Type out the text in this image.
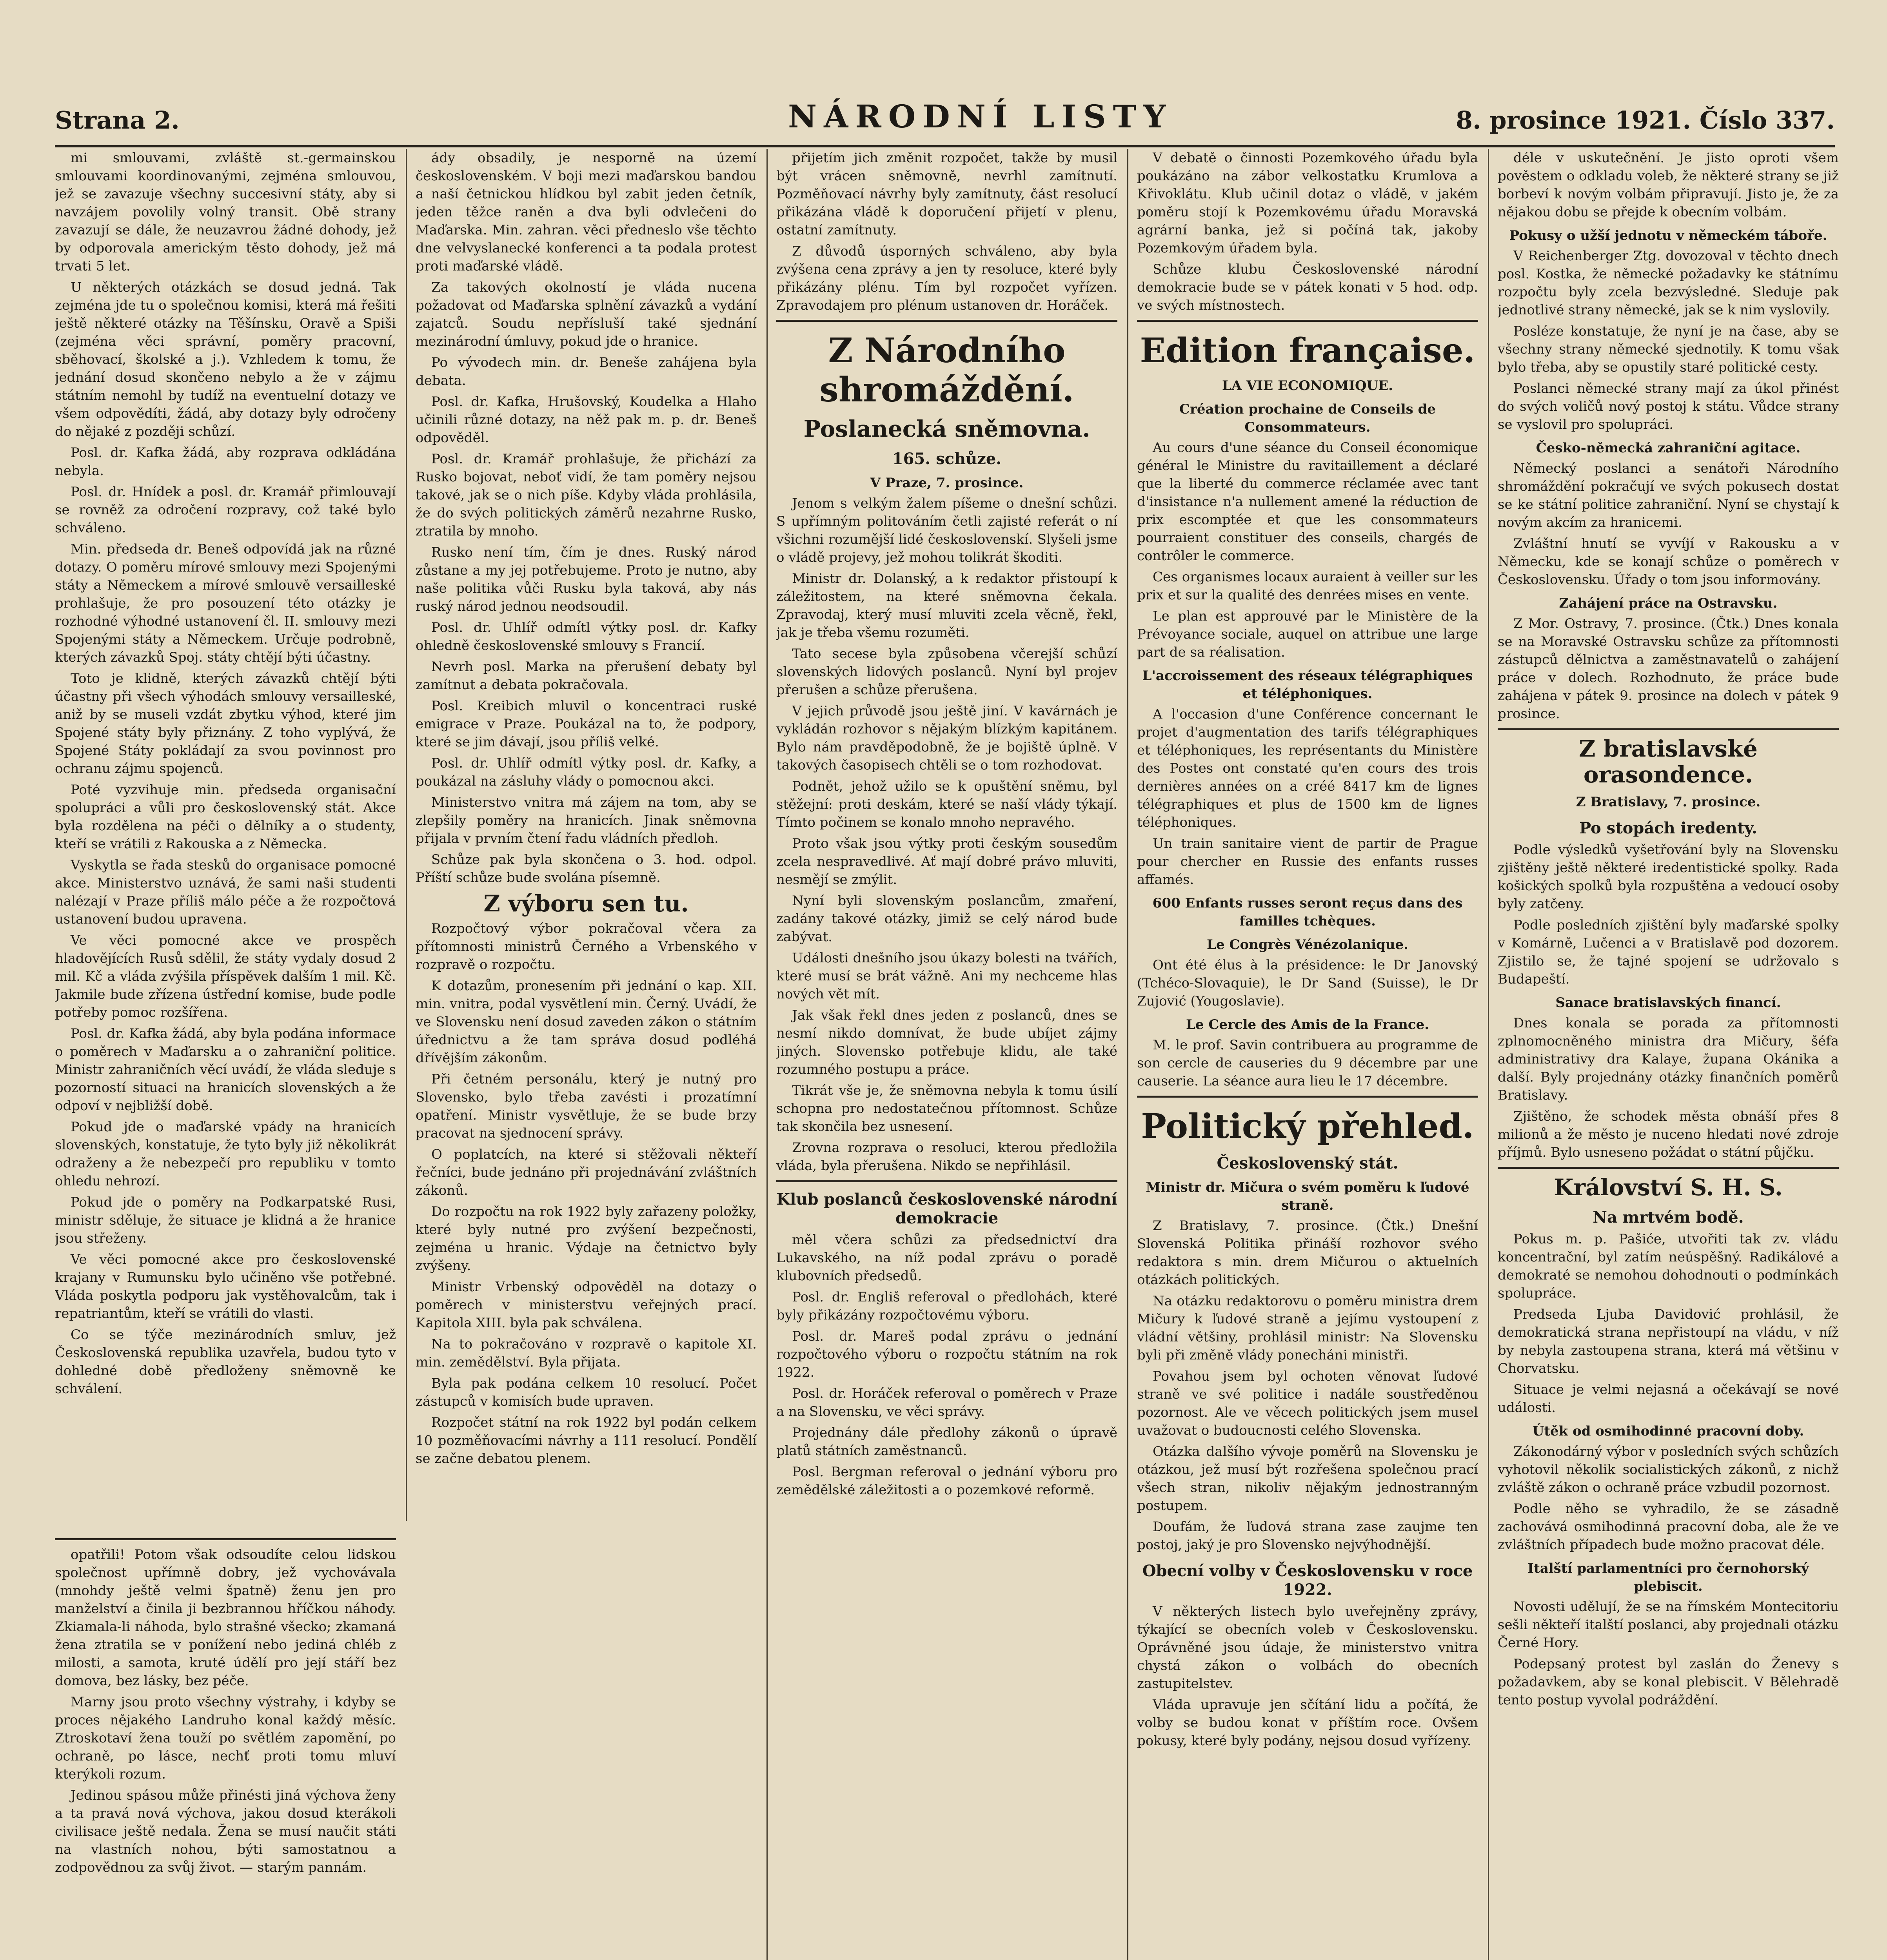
Strana 2.	NÁRODNÍ LISTY	8. prosince 1921. Číslo 337.

mi smlouvami, zvláště st.-germainskou smlouvami koordinovanými, zejména smlouvou, jež se zavazuje všechny succesivní státy, aby si navzájem povolily volný transit. Obě strany zavazují se dále, že neuzavrou žádné dohody, jež by odporovala americkým těsto dohody, jež má trvati 5 let.

U některých otázkách se dosud jedná. Tak zejména jde tu o společnou komisi, která má řešiti ještě některé otázky na Těšínsku, Oravě a Spiši (zejména věci správní, poměry pracovní, sběhovací, školské a j.). Vzhledem k tomu, že jednání dosud skončeno nebylo a že v zájmu státním nemohl by tudíž na eventuelní dotazy ve všem odpovědíti, žádá, aby dotazy byly odročeny do nějaké z později schůzí.

Posl. dr. Kafka žádá, aby rozprava odkládána nebyla.

Posl. dr. Hnídek a posl. dr. Kramář přimlouvají se rovněž za odročení rozpravy, což také bylo schváleno.

Min. předseda dr. Beneš odpovídá jak na různé dotazy. O poměru mírové smlouvy mezi Spojenými státy a Německem a mírové smlouvě versailleské prohlašuje, že pro posouzení této otázky je rozhodné výhodné ustanovení čl. II. smlouvy mezi Spojenými státy a Německem. Určuje podrobně, kterých závazků Spoj. státy chtějí býti účastny.

Toto je klidně, kterých závazků chtějí býti účastny při všech výhodách smlouvy versailleské, aniž by se museli vzdát zbytku výhod, které jim Spojené státy byly přiznány. Z toho vyplývá, že Spojené Státy pokládají za svou povinnost pro ochranu zájmu spojenců.

Poté vyzvihuje min. předseda organisační spolupráci a vůli pro československý stát. Akce byla rozdělena na péči o dělníky a o studenty, kteří se vrátili z Rakouska a z Německa.

Vyskytla se řada stesků do organisace pomocné akce. Ministerstvo uznává, že sami naši studenti nalézají v Praze příliš málo péče a že rozpočtová ustanovení budou upravena.

Ve věci pomocné akce ve prospěch hladovějících Rusů sdělil, že státy vydaly dosud 2 mil. Kč a vláda zvýšila příspěvek dalším 1 mil. Kč. Jakmile bude zřízena ústřední komise, bude podle potřeby pomoc rozšířena.

Posl. dr. Kafka žádá, aby byla podána informace o poměrech v Maďarsku a o zahraniční politice. Ministr zahraničních věcí uvádí, že vláda sleduje s pozorností situaci na hranicích slovenských a že odpoví v nejbližší době.

Pokud jde o maďarské vpády na hranicích slovenských, konstatuje, že tyto byly již několikrát odraženy a že nebezpečí pro republiku v tomto ohledu nehrozí.

Pokud jde o poměry na Podkarpatské Rusi, ministr sděluje, že situace je klidná a že hranice jsou střeženy.

Ve věci pomocné akce pro československé krajany v Rumunsku bylo učiněno vše potřebné. Vláda poskytla podporu jak vystěhovalcům, tak i repatriantům, kteří se vrátili do vlasti.

Co se týče mezinárodních smluv, jež Československá republika uzavřela, budou tyto v dohledné době předloženy sněmovně ke schválení.

ády obsadily, je nesporně na území československém. V boji mezi maďarskou bandou a naší četnickou hlídkou byl zabit jeden četník, jeden těžce raněn a dva byli odvlečeni do Maďarska. Min. zahran. věci předneslo vše těchto dne velvyslanecké konferenci a ta podala protest proti maďarské vládě.

Za takových okolností je vláda nucena požadovat od Maďarska splnění závazků a vydání zajatců. Soudu nepřísluší také sjednání mezinárodní úmluvy, pokud jde o hranice.

Po vývodech min. dr. Beneše zahájena byla debata.

Posl. dr. Kafka, Hrušovský, Koudelka a Hlaho učinili různé dotazy, na něž pak m. p. dr. Beneš odpověděl.

Posl. dr. Kramář prohlašuje, že přichází za Rusko bojovat, neboť vidí, že tam poměry nejsou takové, jak se o nich píše. Kdyby vláda prohlásila, že do svých politických záměrů nezahrne Rusko, ztratila by mnoho.

Rusko není tím, čím je dnes. Ruský národ zůstane a my jej potřebujeme. Proto je nutno, aby naše politika vůči Rusku byla taková, aby nás ruský národ jednou neodsoudil.

Posl. dr. Uhlíř odmítl výtky posl. dr. Kafky ohledně československé smlouvy s Francií.

Nevrh posl. Marka na přerušení debaty byl zamítnut a debata pokračovala.

Posl. Kreibich mluvil o koncentraci ruské emigrace v Praze. Poukázal na to, že podpory, které se jim dávají, jsou příliš velké.

Posl. dr. Uhlíř odmítl výtky posl. dr. Kafky, a poukázal na zásluhy vlády o pomocnou akci.

Ministerstvo vnitra má zájem na tom, aby se zlepšily poměry na hranicích. Jinak sněmovna přijala v prvním čtení řadu vládních předloh.

Schůze pak byla skončena o 3. hod. odpol. Příští schůze bude svolána písemně.

Z výboru sen tu.

Rozpočtový výbor pokračoval včera za přítomnosti ministrů Černého a Vrbenského v rozpravě o rozpočtu.

K dotazům, pronesením při jednání o kap. XII. min. vnitra, podal vysvětlení min. Černý. Uvádí, že ve Slovensku není dosud zaveden zákon o státním úřednictvu a že tam správa dosud podléhá dřívějším zákonům.

Při četném personálu, který je nutný pro Slovensko, bylo třeba zavésti i prozatímní opatření. Ministr vysvětluje, že se bude brzy pracovat na sjednocení správy.

O poplatcích, na které si stěžovali někteří řečníci, bude jednáno při projednávání zvláštních zákonů.

Do rozpočtu na rok 1922 byly zařazeny položky, které byly nutné pro zvýšení bezpečnosti, zejména u hranic. Výdaje na četnictvo byly zvýšeny.

Ministr Vrbenský odpověděl na dotazy o poměrech v ministerstvu veřejných prací. Kapitola XIII. byla pak schválena.

Na to pokračováno v rozpravě o kapitole XI. min. zemědělství. Byla přijata.

Byla pak podána celkem 10 resolucí. Počet zástupců v komisích bude upraven.

Rozpočet státní na rok 1922 byl podán celkem 10 pozměňovacími návrhy a 111 resolucí. Pondělí se začne debatou plenem.

opatřili! Potom však odsoudíte celou lidskou společnost upřímně dobry, jež vychovávala (mnohdy ještě velmi špatně) ženu jen pro manželství a činila ji bezbrannou hříčkou náhody. Zkiamala-li náhoda, bylo strašné všecko; zkamaná žena ztratila se v ponížení nebo jediná chléb z milosti, a samota, kruté údělí pro její stáří bez domova, bez lásky, bez péče.

Marny jsou proto všechny výstrahy, i kdyby se proces nějakého Landruho konal každý měsíc. Ztroskotaví žena touží po světlém zapomění, po ochraně, po lásce, nechť proti tomu mluví kterýkoli rozum.

Jedinou spásou může přinésti jiná výchova ženy a ta pravá nová výchova, jakou dosud kterákoli civilisace ještě nedala. Žena se musí naučit státi na vlastních nohou, býti samostatnou a zodpovědnou za svůj život. — starým pannám.

přijetím jich změnit rozpočet, takže by musil být vrácen sněmovně, nevrhl zamítnutí. Pozměňovací návrhy byly zamítnuty, část resolucí přikázána vládě k doporučení přijetí v plenu, ostatní zamítnuty.

Z důvodů úsporných schváleno, aby byla zvýšena cena zprávy a jen ty resoluce, které byly přikázány plénu. Tím byl rozpočet vyřízen. Zpravodajem pro plénum ustanoven dr. Horáček.

Z Národního shromáždění.
Poslanecká sněmovna.
165. schůze.
V Praze, 7. prosince.

Jenom s velkým žalem píšeme o dnešní schůzi. S upřímným politováním četli zajisté referát o ní všichni rozumější lidé československí. Slyšeli jsme o vládě projevy, jež mohou tolikrát škoditi.

Ministr dr. Dolanský, a k redaktor přistoupí k záležitostem, na které sněmovna čekala. Zpravodaj, který musí mluviti zcela věcně, řekl, jak je třeba všemu rozuměti.

Tato secese byla způsobena včerejší schůzí slovenských lidových poslanců. Nyní byl projev přerušen a schůze přerušena.

V jejich průvodě jsou ještě jiní. V kavárnách je vykládán rozhovor s nějakým blízkým kapitánem. Bylo nám pravděpodobně, že je bojiště úplně. V takových časopisech chtěli se o tom rozhodovat.

Podnět, jehož užilo se k opuštění sněmu, byl stěžejní: proti deskám, které se naší vlády týkají. Tímto počinem se konalo mnoho nepravého.

Proto však jsou výtky proti českým sousedům zcela nespravedlivé. Ať mají dobré právo mluviti, nesmějí se zmýlit.

Nyní byli slovenským poslancům, zmaření, zadány takové otázky, jimiž se celý národ bude zabývat.

Události dnešního jsou úkazy bolesti na tvářích, které musí se brát vážně. Ani my nechceme hlas nových vět mít.

Jak však řekl dnes jeden z poslanců, dnes se nesmí nikdo domnívat, že bude ubíjet zájmy jiných. Slovensko potřebuje klidu, ale také rozumného postupu a práce.

Tikrát vše je, že sněmovna nebyla k tomu úsilí schopna pro nedostatečnou přítomnost. Schůze tak skončila bez usnesení.

Zrovna rozprava o resoluci, kterou předložila vláda, byla přerušena. Nikdo se nepřihlásil.

Klub poslanců československé národní demokracie

měl včera schůzi za předsednictví dra Lukavského, na níž podal zprávu o poradě klubovních předsedů.

Posl. dr. Engliš referoval o předlohách, které byly přikázány rozpočtovému výboru.

Posl. dr. Mareš podal zprávu o jednání rozpočtového výboru o rozpočtu státním na rok 1922.

Posl. dr. Horáček referoval o poměrech v Praze a na Slovensku, ve věci správy.

Projednány dále předlohy zákonů o úpravě platů státních zaměstnanců.

Posl. Bergman referoval o jednání výboru pro zemědělské záležitosti a o pozemkové reformě.

V debatě o činnosti Pozemkového úřadu byla poukázáno na zábor velkostatku Krumlova a Křivoklátu. Klub učinil dotaz o vládě, v jakém poměru stojí k Pozemkovému úřadu Moravská agrární banka, jež si počíná tak, jakoby Pozemkovým úřadem byla.

Schůze klubu Československé národní demokracie bude se v pátek konati v 5 hod. odp. ve svých místnostech.

Edition française.
LA VIE ECONOMIQUE.
Création prochaine de Conseils de Consommateurs.

Au cours d'une séance du Conseil économique général le Ministre du ravitaillement a déclaré que la liberté du commerce réclamée avec tant d'insistance n'a nullement amené la réduction de prix escomptée et que les consommateurs pourraient constituer des conseils, chargés de contrôler le commerce.

Ces organismes locaux auraient à veiller sur les prix et sur la qualité des denrées mises en vente.

Le plan est approuvé par le Ministère de la Prévoyance sociale, auquel on attribue une large part de sa réalisation.

L'accroissement des réseaux télégraphiques et téléphoniques.

A l'occasion d'une Conférence concernant le projet d'augmentation des tarifs télégraphiques et téléphoniques, les représentants du Ministère des Postes ont constaté qu'en cours des trois dernières années on a créé 8417 km de lignes télégraphiques et plus de 1500 km de lignes téléphoniques.

Un train sanitaire vient de partir de Prague pour chercher en Russie des enfants russes affamés.

600 Enfants russes seront reçus dans des familles tchèques.
Le Congrès Vénézolanique.

Ont été élus à la présidence: le Dr Janovský (Tchéco-Slovaquie), le Dr Sand (Suisse), le Dr Zujović (Yougoslavie).

Le Cercle des Amis de la France.

M. le prof. Savin contribuera au programme de son cercle de causeries du 9 décembre par une causerie. La séance aura lieu le 17 décembre.

Politický přehled.
Československý stát.
Ministr dr. Mičura o svém poměru k ľudové straně.

Z Bratislavy, 7. prosince. (Čtk.) Dnešní Slovenská Politika přináší rozhovor svého redaktora s min. drem Mičurou o aktuelních otázkách politických.

Na otázku redaktorovu o poměru ministra drem Mičury k ľudové straně a jejímu vystoupení z vládní většiny, prohlásil ministr: Na Slovensku byli při změně vlády ponecháni ministři.

Povahou jsem byl ochoten věnovat ľudové straně ve své politice i nadále soustředěnou pozornost. Ale ve věcech politických jsem musel uvažovat o budoucnosti celého Slovenska.

Otázka dalšího vývoje poměrů na Slovensku je otázkou, jež musí být rozřešena společnou prací všech stran, nikoliv nějakým jednostranným postupem.

Doufám, že ľudová strana zase zaujme ten postoj, jaký je pro Slovensko nejvýhodnější.

Obecní volby v Československu v roce 1922.

V některých listech bylo uveřejněny zprávy, týkající se obecních voleb v Československu. Oprávněné jsou údaje, že ministerstvo vnitra chystá zákon o volbách do obecních zastupitelstev.

Vláda upravuje jen sčítání lidu a počítá, že volby se budou konat v příštím roce. Ovšem pokusy, které byly podány, nejsou dosud vyřízeny.

déle v uskutečnění. Je jisto oproti všem pověstem o odkladu voleb, že některé strany se již borbeví k novým volbám připravují. Jisto je, že za nějakou dobu se přejde k obecním volbám.

Pokusy o užší jednotu v německém táboře.

V Reichenberger Ztg. dovozoval v těchto dnech posl. Kostka, že německé požadavky ke státnímu rozpočtu byly zcela bezvýsledné. Sleduje pak jednotlivé strany německé, jak se k nim vyslovily.

Posléze konstatuje, že nyní je na čase, aby se všechny strany německé sjednotily. K tomu však bylo třeba, aby se opustily staré politické cesty.

Poslanci německé strany mají za úkol přinést do svých voličů nový postoj k státu. Vůdce strany se vyslovil pro spolupráci.

Česko-německá zahraniční agitace.

Německý poslanci a senátoři Národního shromáždění pokračují ve svých pokusech dostat se ke státní politice zahraniční. Nyní se chystají k novým akcím za hranicemi.

Zvláštní hnutí se vyvíjí v Rakousku a v Německu, kde se konají schůze o poměrech v Československu. Úřady o tom jsou informovány.

Zahájení práce na Ostravsku.

Z Mor. Ostravy, 7. prosince. (Čtk.) Dnes konala se na Moravské Ostravsku schůze za přítomnosti zástupců dělnictva a zaměstnavatelů o zahájení práce v dolech. Rozhodnuto, že práce bude zahájena v pátek 9. prosince na dolech v pátek 9 prosince.

Z bratislavské orasondence.
Z Bratislavy, 7. prosince.
Po stopách iredenty.

Podle výsledků vyšetřování byly na Slovensku zjištěny ještě některé iredentistické spolky. Rada košických spolků byla rozpuštěna a vedoucí osoby byly zatčeny.

Podle posledních zjištění byly maďarské spolky v Komárně, Lučenci a v Bratislavě pod dozorem. Zjistilo se, že tajné spojení se udržovalo s Budapeští.

Sanace bratislavských financí.

Dnes konala se porada za přítomnosti zplnomocněného ministra dra Mičury, šéfa administrativy dra Kalaye, župana Okánika a další. Byly projednány otázky finančních poměrů Bratislavy.

Zjištěno, že schodek města obnáší přes 8 milionů a že město je nuceno hledati nové zdroje příjmů. Bylo usneseno požádat o státní půjčku.

Království S. H. S.
Na mrtvém bodě.

Pokus m. p. Pašiće, utvořiti tak zv. vládu koncentrační, byl zatím neúspěšný. Radikálové a demokraté se nemohou dohodnouti o podmínkách spolupráce.

Predseda Ljuba Davidović prohlásil, že demokratická strana nepřistoupí na vládu, v níž by nebyla zastoupena strana, která má většinu v Chorvatsku.

Situace je velmi nejasná a očekávají se nové události.

Útěk od osmihodinné pracovní doby.

Zákonodárný výbor v posledních svých schůzích vyhotovil několik socialistických zákonů, z nichž zvláště zákon o ochraně práce vzbudil pozornost.

Podle něho se vyhradilo, že se zásadně zachovává osmihodinná pracovní doba, ale že ve zvláštních případech bude možno pracovat déle.

Italští parlamentníci pro černohorský plebiscit.

Novosti udělují, že se na římském Montecitoriu sešli někteří italští poslanci, aby projednali otázku Černé Hory.

Podepsaný protest byl zaslán do Ženevy s požadavkem, aby se konal plebiscit. V Bělehradě tento postup vyvolal podráždění.
